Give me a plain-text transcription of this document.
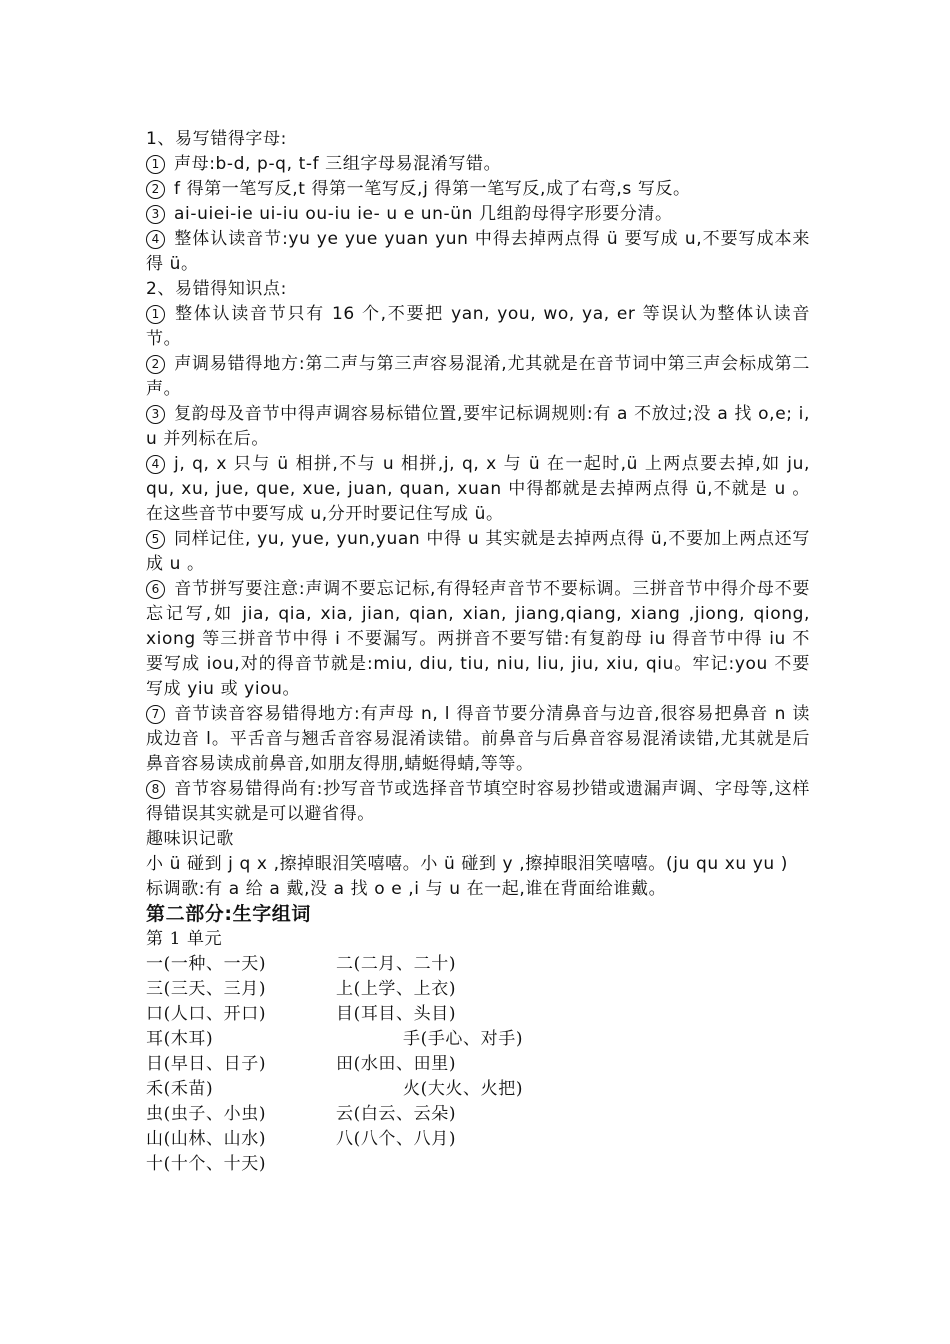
1、易写错得字母:

1 声母:b-d, p-q, t-f 三组字母易混淆写错。

2 f 得第一笔写反,t 得第一笔写反,j 得第一笔写反,成了右弯,s 写反。

3 ai-uiei-ie ui-iu ou-iu ie- u e un-ün 几组韵母得字形要分清。

4 整体认读音节:yu ye yue yuan yun 中得去掉两点得 ü 要写成 u,不要写成本来得 ü。

2、易错得知识点:

1 整体认读音节只有 16 个,不要把 yan, you, wo, ya, er 等误认为整体认读音节。

2 声调易错得地方:第二声与第三声容易混淆,尤其就是在音节词中第三声会标成第二声。

3 复韵母及音节中得声调容易标错位置,要牢记标调规则:有 a 不放过;没 a 找 o,e; i, u 并列标在后。

4 j, q, x 只与 ü 相拼,不与 u 相拼,j, q, x 与 ü 在一起时,ü 上两点要去掉,如 ju, qu, xu, jue, que, xue, juan, quan, xuan 中得都就是去掉两点得 ü,不就是 u 。在这些音节中要写成 u,分开时要记住写成 ü。

5 同样记住, yu, yue, yun,yuan 中得 u 其实就是去掉两点得 ü,不要加上两点还写成 u 。

6 音节拼写要注意:声调不要忘记标,有得轻声音节不要标调。三拼音节中得介母不要忘记写,如 jia, qia, xia, jian, qian, xian, jiang,qiang, xiang ,jiong, qiong, xiong 等三拼音节中得 i 不要漏写。两拼音不要写错:有复韵母 iu 得音节中得 iu 不要写成 iou,对的得音节就是:miu, diu, tiu, niu, liu, jiu, xiu, qiu。牢记:you 不要写成 yiu 或 yiou。

7 音节读音容易错得地方:有声母 n, l 得音节要分清鼻音与边音,很容易把鼻音 n 读成边音 l。平舌音与翘舌音容易混淆读错。前鼻音与后鼻音容易混淆读错,尤其就是后鼻音容易读成前鼻音,如朋友得朋,蜻蜓得蜻,等等。

8 音节容易错得尚有:抄写音节或选择音节填空时容易抄错或遗漏声调、字母等,这样得错误其实就是可以避省得。

趣味识记歌

小 ü 碰到 j q x ,擦掉眼泪笑嘻嘻。小 ü 碰到 y ,擦掉眼泪笑嘻嘻。(ju qu xu yu )

标调歌:有 a 给 a 戴,没 a 找 o e ,i 与 u 在一起,谁在背面给谁戴。

第二部分:生字组词

第 1 单元

一(一种、一天)	二(二月、二十)
三(三天、三月)	上(上学、上衣)
口(人口、开口)	目(耳目、头目)
耳(木耳)	手(手心、对手)
日(早日、日子)	田(水田、田里)
禾(禾苗)	火(大火、火把)
虫(虫子、小虫)	云(白云、云朵)
山(山林、山水)	八(八个、八月)
十(十个、十天)
